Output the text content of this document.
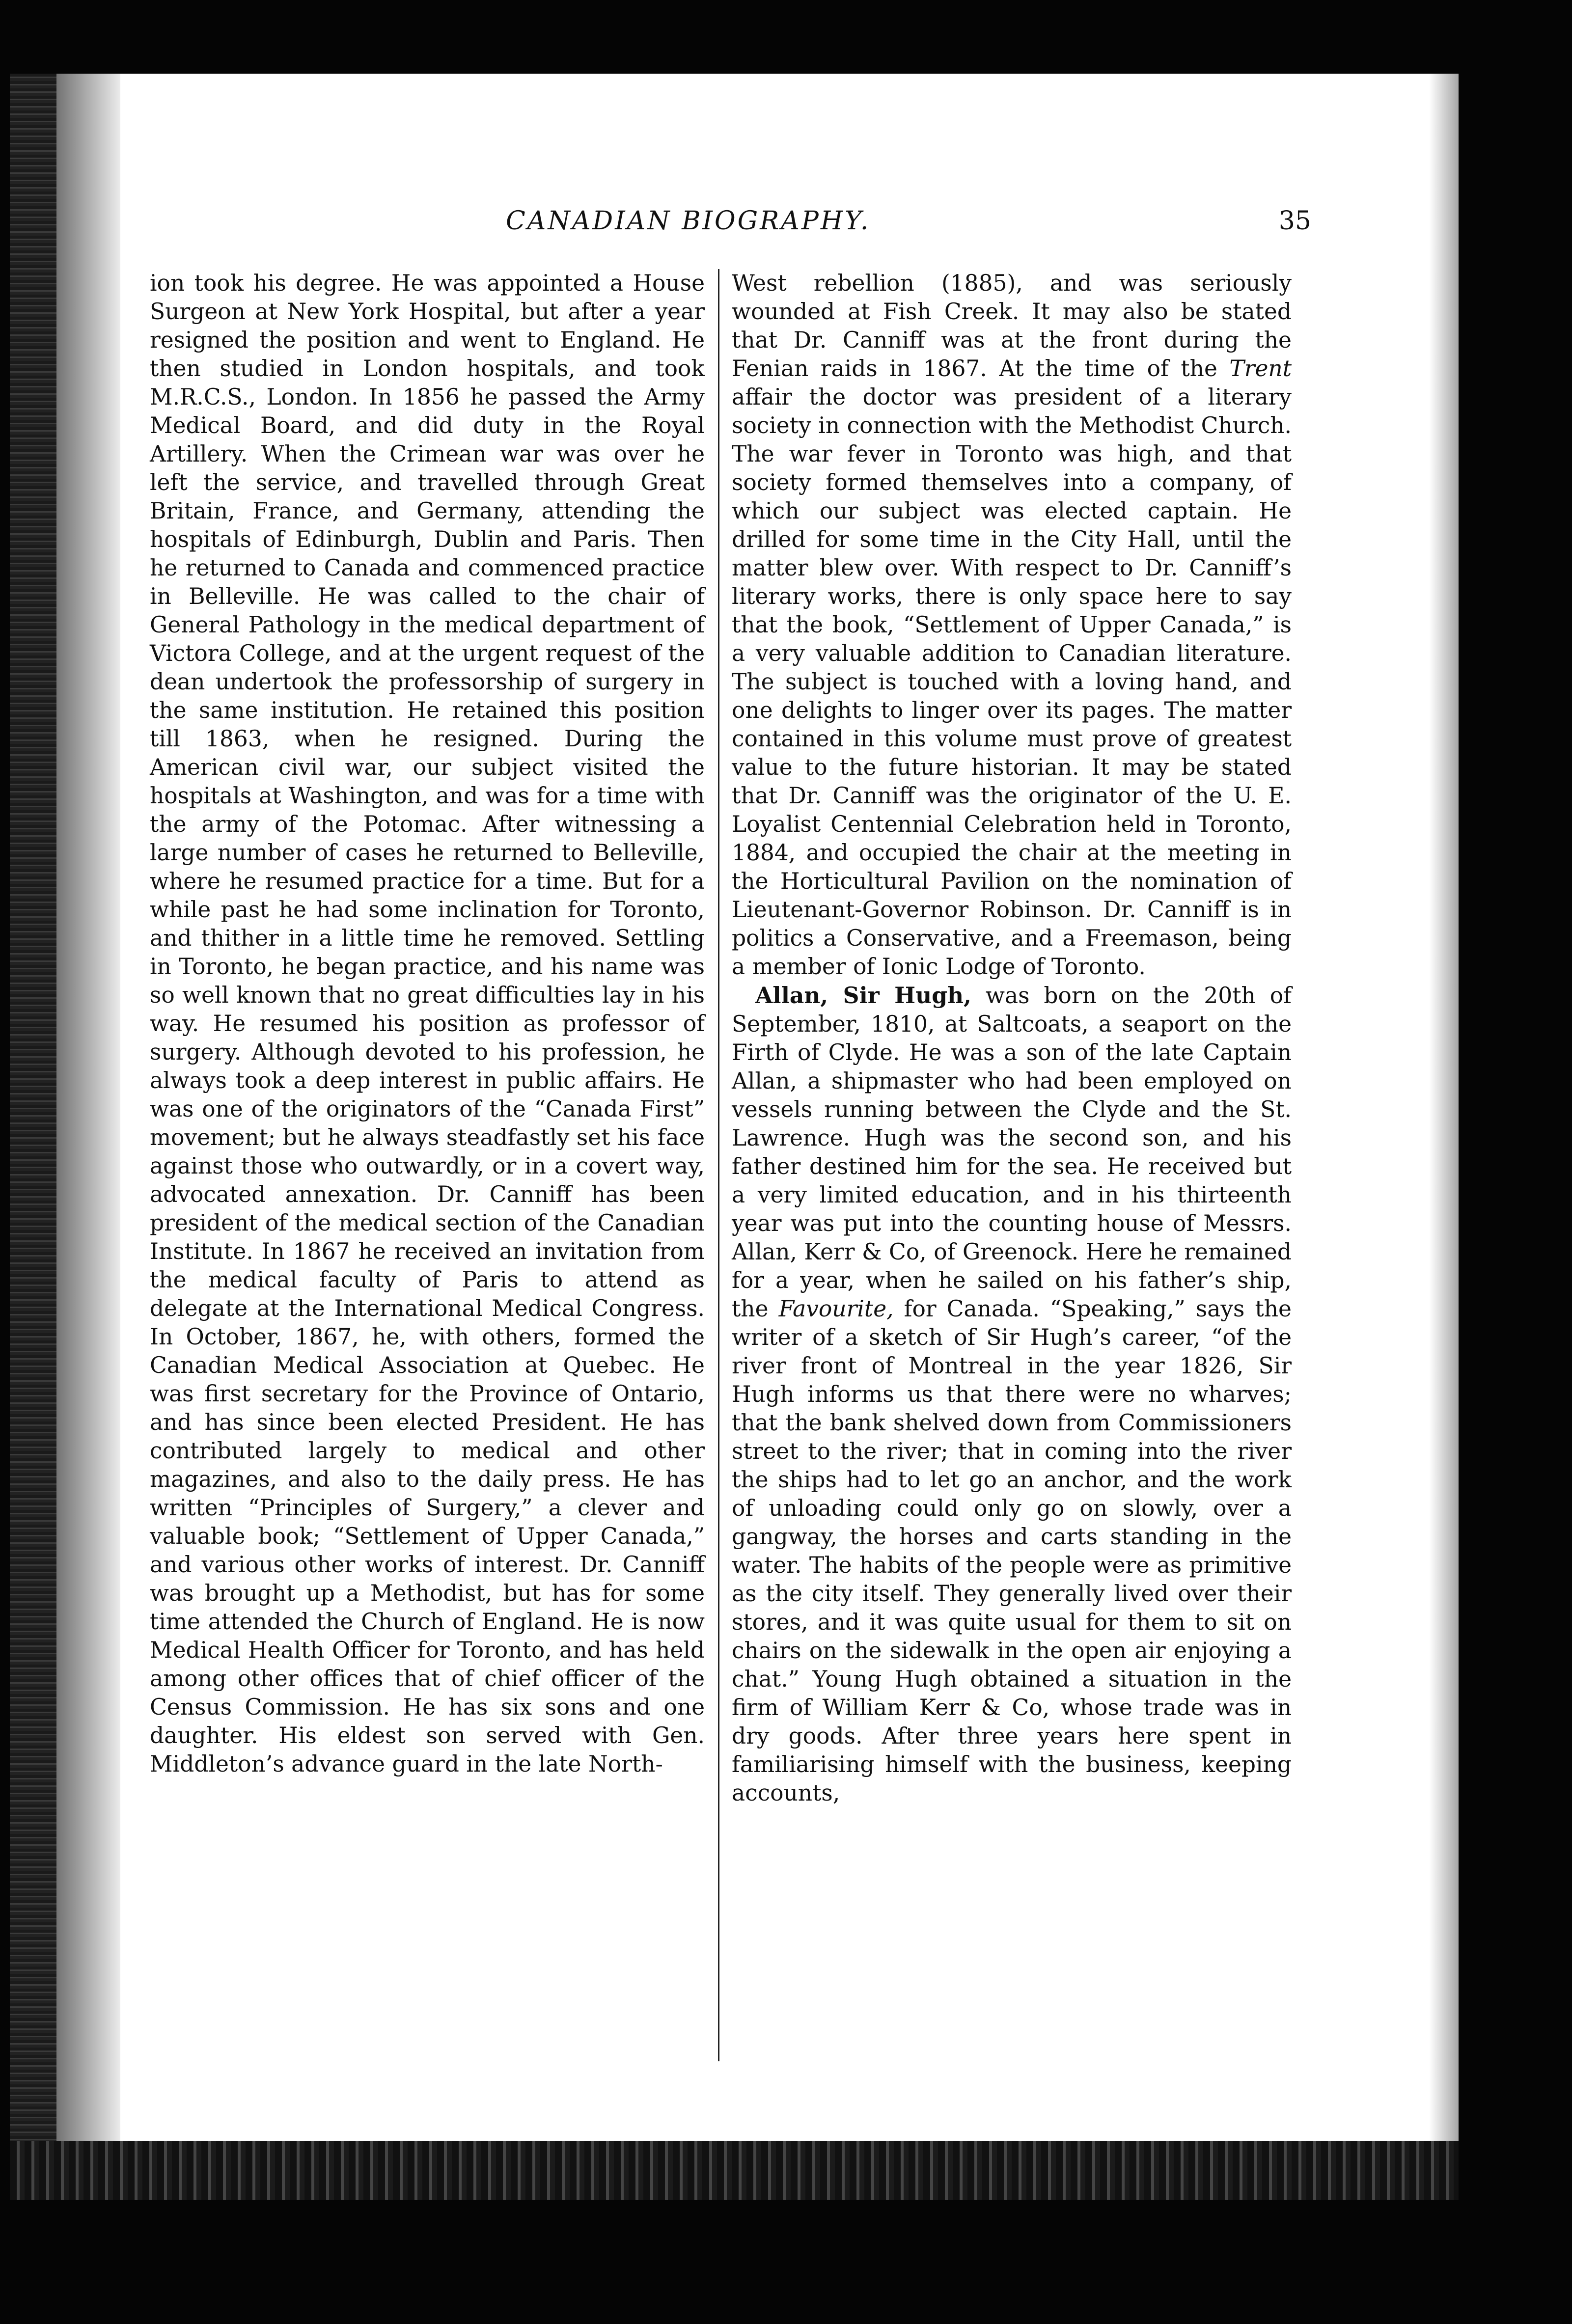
CANADIAN BIOGRAPHY.	35

ion took his degree. He was appointed a House Surgeon at New York Hospital, but after a year resigned the position and went to England. He then studied in London hospitals, and took M.R.C.S., London. In 1856 he passed the Army Medical Board, and did duty in the Royal Artillery. When the Crimean war was over he left the service, and travelled through Great Britain, France, and Germany, attending the hospitals of Edinburgh, Dublin and Paris. Then he returned to Canada and commenced practice in Belleville. He was called to the chair of General Pathology in the medical department of Victora College, and at the urgent request of the dean undertook the professorship of surgery in the same institution. He retained this position till 1863, when he resigned. During the American civil war, our subject visited the hospitals at Washington, and was for a time with the army of the Potomac. After witnessing a large number of cases he returned to Belleville, where he resumed practice for a time. But for a while past he had some inclination for Toronto, and thither in a little time he removed. Settling in Toronto, he began practice, and his name was so well known that no great difficulties lay in his way. He resumed his position as professor of surgery. Although devoted to his profession, he always took a deep interest in public affairs. He was one of the originators of the “Canada First” movement; but he always steadfastly set his face against those who outwardly, or in a covert way, advocated annexation. Dr. Canniff has been president of the medical section of the Canadian Institute. In 1867 he received an invitation from the medical faculty of Paris to attend as delegate at the International Medical Congress. In October, 1867, he, with others, formed the Canadian Medical Association at Quebec. He was first secretary for the Province of Ontario, and has since been elected President. He has contributed largely to medical and other magazines, and also to the daily press. He has written “Principles of Surgery,” a clever and valuable book; “Settlement of Upper Canada,” and various other works of interest. Dr. Canniff was brought up a Methodist, but has for some time attended the Church of England. He is now Medical Health Officer for Toronto, and has held among other offices that of chief officer of the Census Commission. He has six sons and one daughter. His eldest son served with Gen. Middleton’s advance guard in the late North-

West rebellion (1885), and was seriously wounded at Fish Creek. It may also be stated that Dr. Canniff was at the front during the Fenian raids in 1867. At the time of the Trent affair the doctor was president of a literary society in connection with the Methodist Church. The war fever in Toronto was high, and that society formed themselves into a company, of which our subject was elected captain. He drilled for some time in the City Hall, until the matter blew over. With respect to Dr. Canniff’s literary works, there is only space here to say that the book, “Settlement of Upper Canada,” is a very valuable addition to Canadian literature. The subject is touched with a loving hand, and one delights to linger over its pages. The matter contained in this volume must prove of greatest value to the future historian. It may be stated that Dr. Canniff was the originator of the U. E. Loyalist Centennial Celebration held in Toronto, 1884, and occupied the chair at the meeting in the Horticultural Pavilion on the nomination of Lieutenant-Governor Robinson. Dr. Canniff is in politics a Conservative, and a Freemason, being a member of Ionic Lodge of Toronto.

Allan, Sir Hugh, was born on the 20th of September, 1810, at Saltcoats, a seaport on the Firth of Clyde. He was a son of the late Captain Allan, a shipmaster who had been employed on vessels running between the Clyde and the St. Lawrence. Hugh was the second son, and his father destined him for the sea. He received but a very limited education, and in his thirteenth year was put into the counting house of Messrs. Allan, Kerr & Co, of Greenock. Here he remained for a year, when he sailed on his father’s ship, the Favourite, for Canada. “Speaking,” says the writer of a sketch of Sir Hugh’s career, “of the river front of Montreal in the year 1826, Sir Hugh informs us that there were no wharves; that the bank shelved down from Commissioners street to the river; that in coming into the river the ships had to let go an anchor, and the work of unloading could only go on slowly, over a gangway, the horses and carts standing in the water. The habits of the people were as primitive as the city itself. They generally lived over their stores, and it was quite usual for them to sit on chairs on the sidewalk in the open air enjoying a chat.” Young Hugh obtained a situation in the firm of William Kerr & Co, whose trade was in dry goods. After three years here spent in familiarising himself with the business, keeping accounts,
